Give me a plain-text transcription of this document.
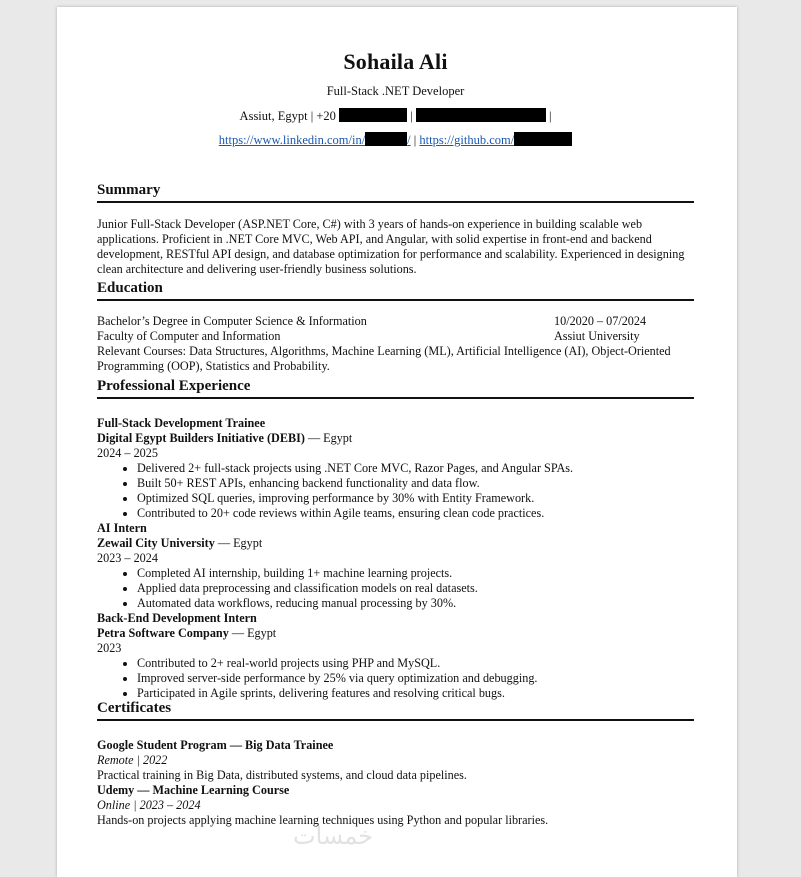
Sohaila Ali
Full-Stack .NET Developer
Assiut, Egypt | +20	|	|
https://www.linkedin.com/in/	/ | https://github.com/
Summary
Junior Full-Stack Developer (ASP.NET Core, C#) with 3 years of hands-on experience in building scalable web applications. Proficient in .NET Core MVC, Web API, and Angular, with solid expertise in front-end and backend development, RESTful API design, and database optimization for performance and scalability. Experienced in designing clean architecture and delivering user-friendly business solutions.
Education
Bachelor’s Degree in Computer Science & Information	10/2020 – 07/2024
Faculty of Computer and Information	Assiut University
Relevant Courses: Data Structures, Algorithms, Machine Learning (ML), Artificial Intelligence (AI), Object-Oriented Programming (OOP), Statistics and Probability.
Professional Experience
Full-Stack Development Trainee
Digital Egypt Builders Initiative (DEBI) — Egypt
2024 – 2025
• Delivered 2+ full-stack projects using .NET Core MVC, Razor Pages, and Angular SPAs.
• Built 50+ REST APIs, enhancing backend functionality and data flow.
• Optimized SQL queries, improving performance by 30% with Entity Framework.
• Contributed to 20+ code reviews within Agile teams, ensuring clean code practices.
AI Intern
Zewail City University — Egypt
2023 – 2024
• Completed AI internship, building 1+ machine learning projects.
• Applied data preprocessing and classification models on real datasets.
• Automated data workflows, reducing manual processing by 30%.
Back-End Development Intern
Petra Software Company — Egypt
2023
• Contributed to 2+ real-world projects using PHP and MySQL.
• Improved server-side performance by 25% via query optimization and debugging.
• Participated in Agile sprints, delivering features and resolving critical bugs.
Certificates
Google Student Program — Big Data Trainee
Remote | 2022
Practical training in Big Data, distributed systems, and cloud data pipelines.
Udemy — Machine Learning Course
Online | 2023 – 2024
Hands-on projects applying machine learning techniques using Python and popular libraries.
خمسات
